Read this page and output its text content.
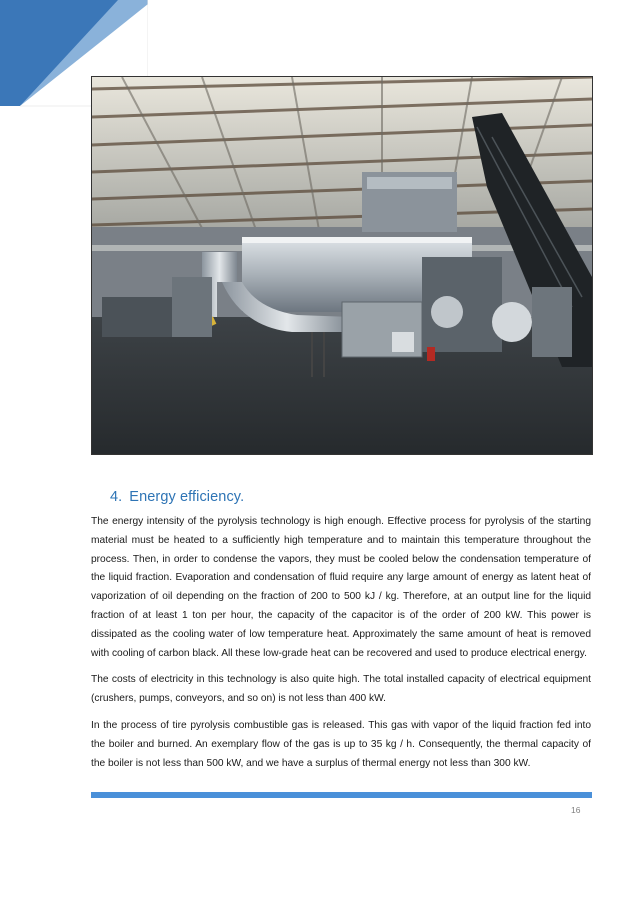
4. Energy efficiency.

The energy intensity of the pyrolysis technology is high enough. Effective process for pyrolysis of the starting material must be heated to a sufficiently high temperature and to maintain this temperature throughout the process. Then, in order to condense the vapors, they must be cooled below the condensation temperature of the liquid fraction. Evaporation and condensation of fluid require any large amount of energy as latent heat of vaporization of oil depending on the fraction of 200 to 500 kJ / kg. Therefore, at an output line for the liquid fraction of at least 1 ton per hour, the capacity of the capacitor is of the order of 200 kW. This power is dissipated as the cooling water of low temperature heat. Approximately the same amount of heat is removed with cooling of carbon black. All these low-grade heat can be recovered and used to produce electrical energy.

The costs of electricity in this technology is also quite high. The total installed capacity of electrical equipment (crushers, pumps, conveyors, and so on) is not less than 400 kW.

In the process of tire pyrolysis combustible gas is released. This gas with vapor of the liquid fraction fed into the boiler and burned. An exemplary flow of the gas is up to 35 kg / h. Consequently, the thermal capacity of the boiler is not less than 500 kW, and we have a surplus of thermal energy not less than 300 kW.

16
